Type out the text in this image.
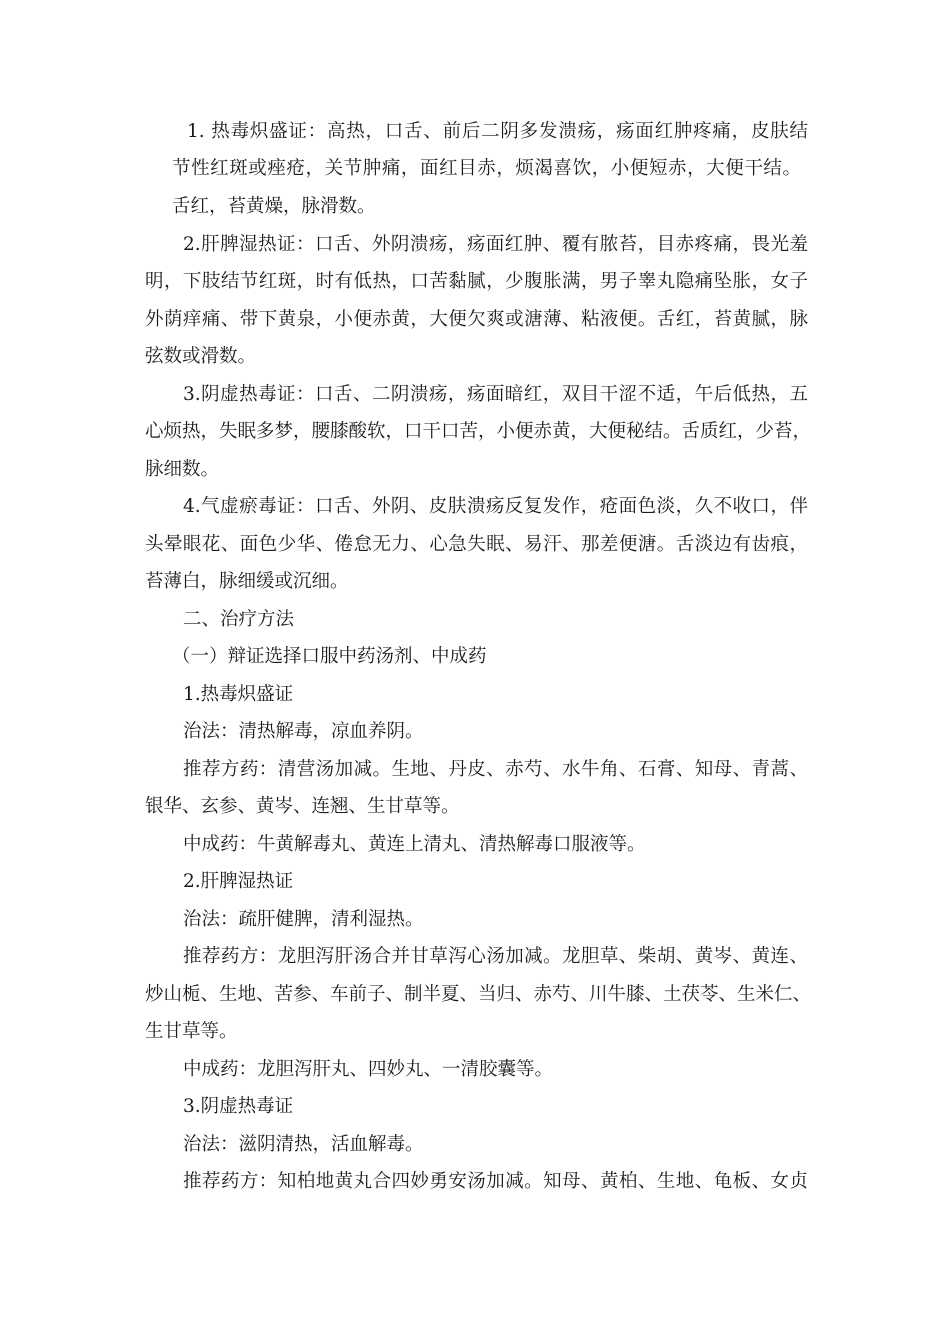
1. 热毒炽盛证：高热，口舌、前后二阴多发溃疡，疡面红肿疼痛，皮肤结
节性红斑或痤疮，关节肿痛，面红目赤，烦渴喜饮，小便短赤，大便干结。
舌红，苔黄燥，脉滑数。
2.肝脾湿热证：口舌、外阴溃疡，疡面红肿、覆有脓苔，目赤疼痛，畏光羞
明，下肢结节红斑，时有低热，口苦黏腻，少腹胀满，男子睾丸隐痛坠胀，女子
外荫痒痛、带下黄泉，小便赤黄，大便欠爽或溏薄、粘液便。舌红，苔黄腻，脉
弦数或滑数。
3.阴虚热毒证：口舌、二阴溃疡，疡面暗红，双目干涩不适，午后低热，五
心烦热，失眠多梦，腰膝酸软，口干口苦，小便赤黄，大便秘结。舌质红，少苔，
脉细数。
4.气虚瘀毒证：口舌、外阴、皮肤溃疡反复发作，疮面色淡，久不收口，伴
头晕眼花、面色少华、倦怠无力、心急失眠、易汗、那差便溏。舌淡边有齿痕，
苔薄白，脉细缓或沉细。
二、治疗方法
（一）辩证选择口服中药汤剂、中成药
1.热毒炽盛证
治法：清热解毒，凉血养阴。
推荐方药：清营汤加减。生地、丹皮、赤芍、水牛角、石膏、知母、青蒿、
银华、玄参、黄岑、连翘、生甘草等。
中成药：牛黄解毒丸、黄连上清丸、清热解毒口服液等。
2.肝脾湿热证
治法：疏肝健脾，清利湿热。
推荐药方：龙胆泻肝汤合并甘草泻心汤加减。龙胆草、柴胡、黄岑、黄连、
炒山栀、生地、苦参、车前子、制半夏、当归、赤芍、川牛膝、土茯苓、生米仁、
生甘草等。
中成药：龙胆泻肝丸、四妙丸、一清胶囊等。
3.阴虚热毒证
治法：滋阴清热，活血解毒。
推荐药方：知柏地黄丸合四妙勇安汤加减。知母、黄柏、生地、龟板、女贞
